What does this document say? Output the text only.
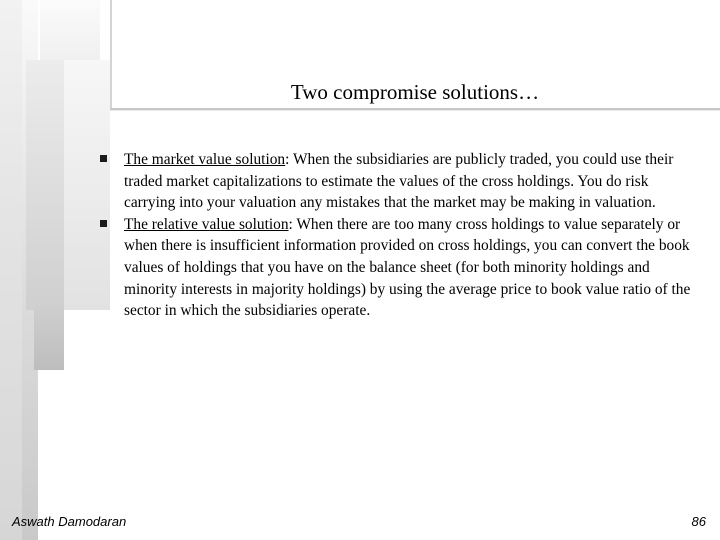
Two compromise solutions…
The market value solution: When the subsidiaries are publicly traded, you could use their traded market capitalizations to estimate the values of the cross holdings. You do risk carrying into your valuation any mistakes that the market may be making in valuation.
The relative value solution: When there are too many cross holdings to value separately or when there is insufficient information provided on cross holdings, you can convert the book values of holdings that you have on the balance sheet (for both minority holdings and minority interests in majority holdings) by using the average price to book value ratio of the sector in which the subsidiaries operate.
Aswath Damodaran	86
